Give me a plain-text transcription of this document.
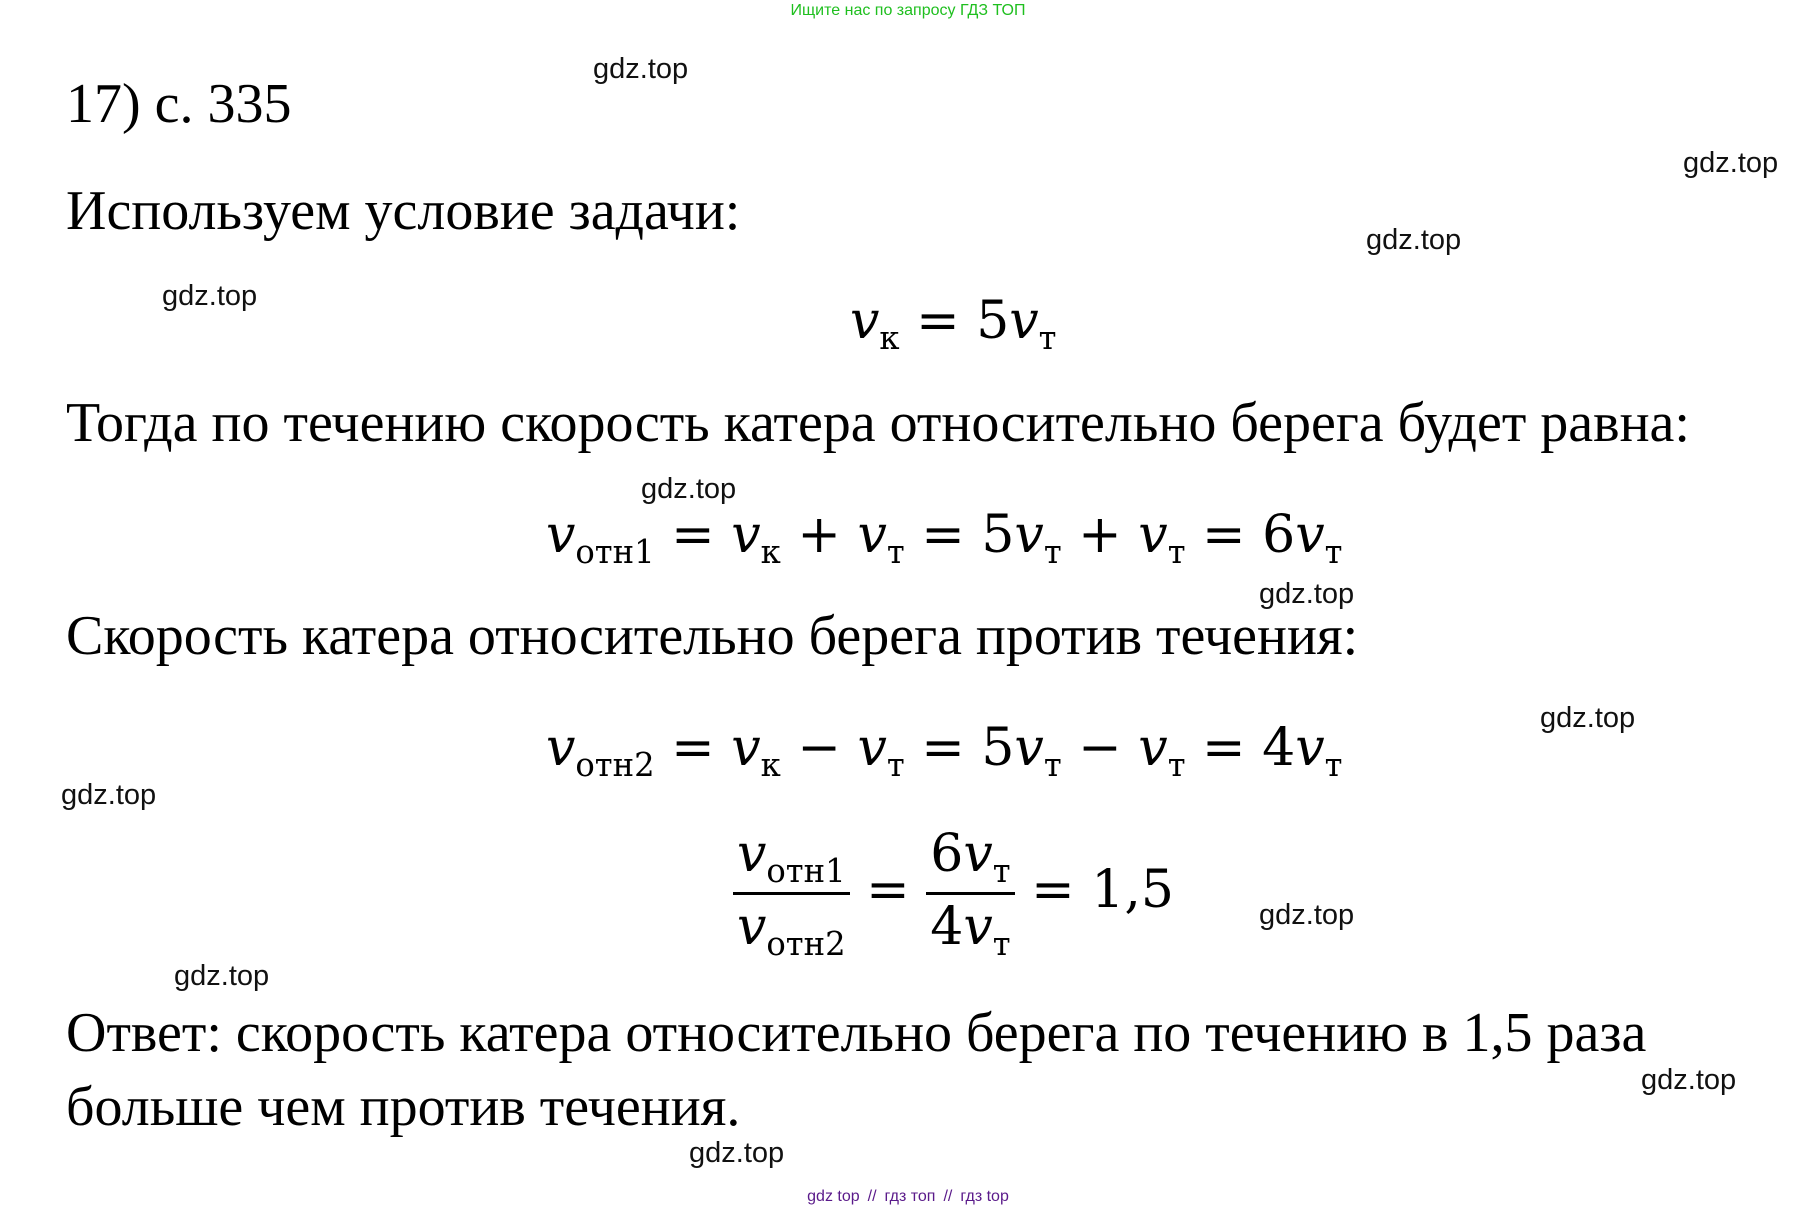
Ищите нас по запросу ГДЗ ТОП
gdz.top
gdz.top
gdz.top
gdz.top
gdz.top
gdz.top
gdz.top
gdz.top
gdz.top
gdz.top
gdz.top
gdz.top
17) с. 335
Используем условие задачи:
$v_к = 5v_т$
Тогда по течению скорость катера относительно берега будет равна:
$v_{отн1} = v_к + v_т = 5v_т + v_т = 6v_т$
Скорость катера относительно берега против течения:
$v_{отн2} = v_к - v_т = 5v_т - v_т = 4v_т$
$\frac{v_{отн1}}{v_{отн2}} = \frac{6v_т}{4v_т} = 1,5$
Ответ: скорость катера относительно берега по течению в 1,5 раза
больше чем против течения.
gdz top // гдз топ // гдз top
